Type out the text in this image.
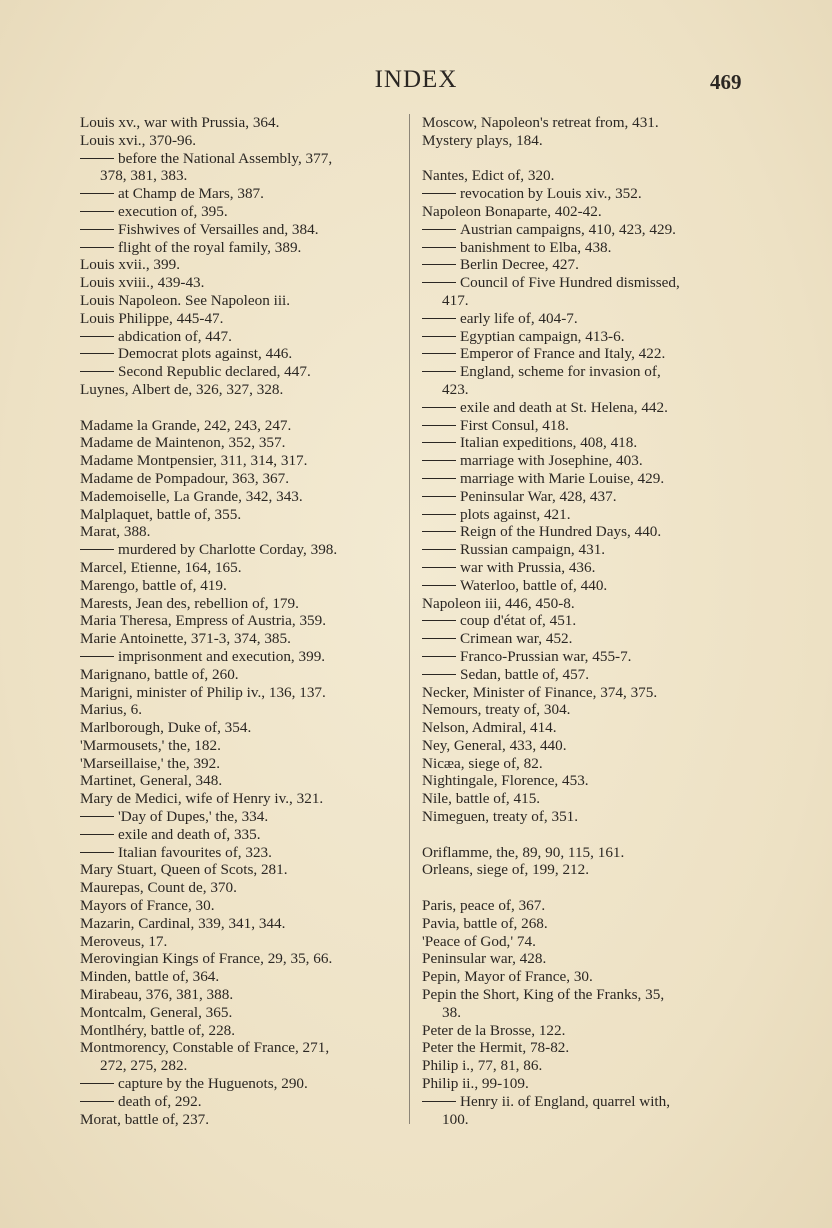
INDEX	469
Louis xv., war with Prussia, 364.
Louis xvi., 370-96.
before the National Assembly, 377,
378, 381, 383.
at Champ de Mars, 387.
execution of, 395.
Fishwives of Versailles and, 384.
flight of the royal family, 389.
Louis xvii., 399.
Louis xviii., 439-43.
Louis Napoleon. See Napoleon iii.
Louis Philippe, 445-47.
abdication of, 447.
Democrat plots against, 446.
Second Republic declared, 447.
Luynes, Albert de, 326, 327, 328.
Madame la Grande, 242, 243, 247.
Madame de Maintenon, 352, 357.
Madame Montpensier, 311, 314, 317.
Madame de Pompadour, 363, 367.
Mademoiselle, La Grande, 342, 343.
Malplaquet, battle of, 355.
Marat, 388.
murdered by Charlotte Corday, 398.
Marcel, Etienne, 164, 165.
Marengo, battle of, 419.
Marests, Jean des, rebellion of, 179.
Maria Theresa, Empress of Austria, 359.
Marie Antoinette, 371-3, 374, 385.
imprisonment and execution, 399.
Marignano, battle of, 260.
Marigni, minister of Philip iv., 136, 137.
Marius, 6.
Marlborough, Duke of, 354.
'Marmousets,' the, 182.
'Marseillaise,' the, 392.
Martinet, General, 348.
Mary de Medici, wife of Henry iv., 321.
'Day of Dupes,' the, 334.
exile and death of, 335.
Italian favourites of, 323.
Mary Stuart, Queen of Scots, 281.
Maurepas, Count de, 370.
Mayors of France, 30.
Mazarin, Cardinal, 339, 341, 344.
Meroveus, 17.
Merovingian Kings of France, 29, 35, 66.
Minden, battle of, 364.
Mirabeau, 376, 381, 388.
Montcalm, General, 365.
Montlhéry, battle of, 228.
Montmorency, Constable of France, 271,
272, 275, 282.
capture by the Huguenots, 290.
death of, 292.
Morat, battle of, 237.
Moscow, Napoleon's retreat from, 431.
Mystery plays, 184.
Nantes, Edict of, 320.
revocation by Louis xiv., 352.
Napoleon Bonaparte, 402-42.
Austrian campaigns, 410, 423, 429.
banishment to Elba, 438.
Berlin Decree, 427.
Council of Five Hundred dismissed,
417.
early life of, 404-7.
Egyptian campaign, 413-6.
Emperor of France and Italy, 422.
England, scheme for invasion of,
423.
exile and death at St. Helena, 442.
First Consul, 418.
Italian expeditions, 408, 418.
marriage with Josephine, 403.
marriage with Marie Louise, 429.
Peninsular War, 428, 437.
plots against, 421.
Reign of the Hundred Days, 440.
Russian campaign, 431.
war with Prussia, 436.
Waterloo, battle of, 440.
Napoleon iii, 446, 450-8.
coup d'état of, 451.
Crimean war, 452.
Franco-Prussian war, 455-7.
Sedan, battle of, 457.
Necker, Minister of Finance, 374, 375.
Nemours, treaty of, 304.
Nelson, Admiral, 414.
Ney, General, 433, 440.
Nicæa, siege of, 82.
Nightingale, Florence, 453.
Nile, battle of, 415.
Nimeguen, treaty of, 351.
Oriflamme, the, 89, 90, 115, 161.
Orleans, siege of, 199, 212.
Paris, peace of, 367.
Pavia, battle of, 268.
'Peace of God,' 74.
Peninsular war, 428.
Pepin, Mayor of France, 30.
Pepin the Short, King of the Franks, 35,
38.
Peter de la Brosse, 122.
Peter the Hermit, 78-82.
Philip i., 77, 81, 86.
Philip ii., 99-109.
Henry ii. of England, quarrel with,
100.
